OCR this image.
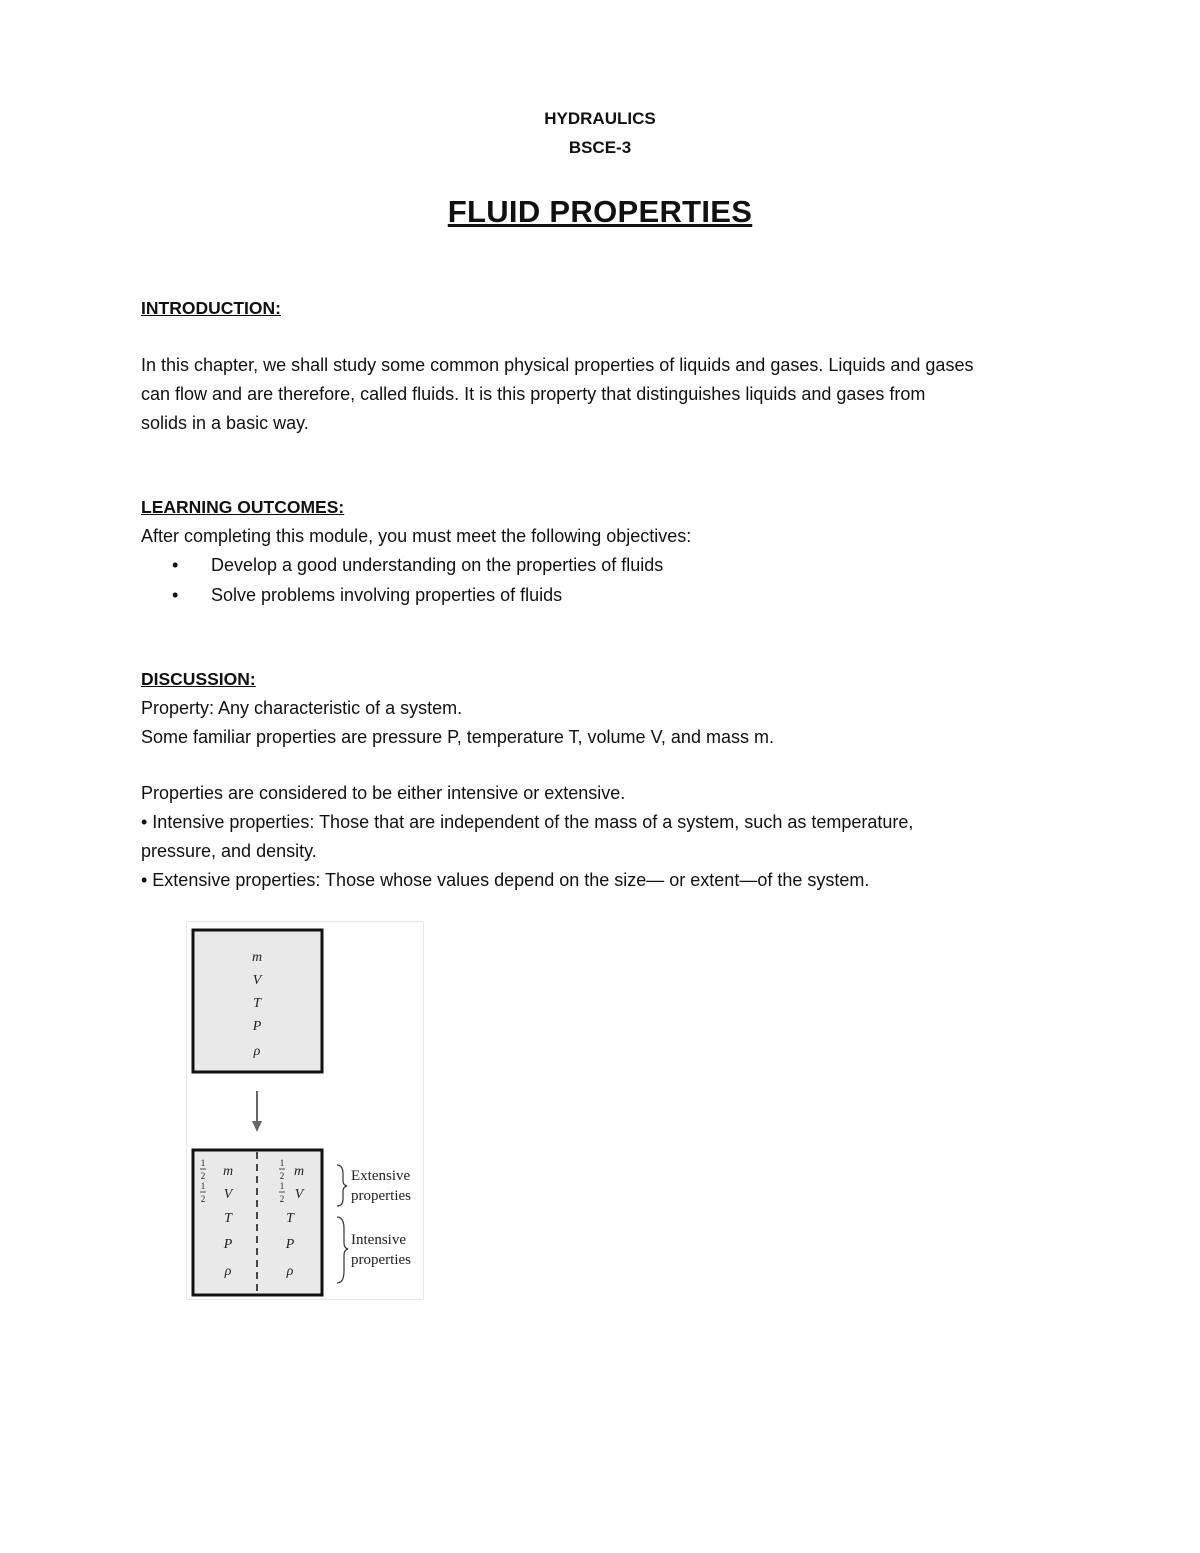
HYDRAULICS
BSCE-3
FLUID PROPERTIES
INTRODUCTION:
In this chapter, we shall study some common physical properties of liquids and gases. Liquids and gases
can flow and are therefore, called fluids. It is this property that distinguishes liquids and gases from
solids in a basic way.
LEARNING OUTCOMES:
After completing this module, you must meet the following objectives:
• Develop a good understanding on the properties of fluids
• Solve problems involving properties of fluids
DISCUSSION:
Property: Any characteristic of a system.
Some familiar properties are pressure P, temperature T, volume V, and mass m.
Properties are considered to be either intensive or extensive.
• Intensive properties: Those that are independent of the mass of a system, such as temperature,
pressure, and density.
• Extensive properties: Those whose values depend on the size— or extent—of the system.
m
V
T
P
ρ
1
2 m
1
2 V
T
P
ρ
1
2 m
1
2 V
T
P
ρ
Extensive
properties
Intensive
properties
